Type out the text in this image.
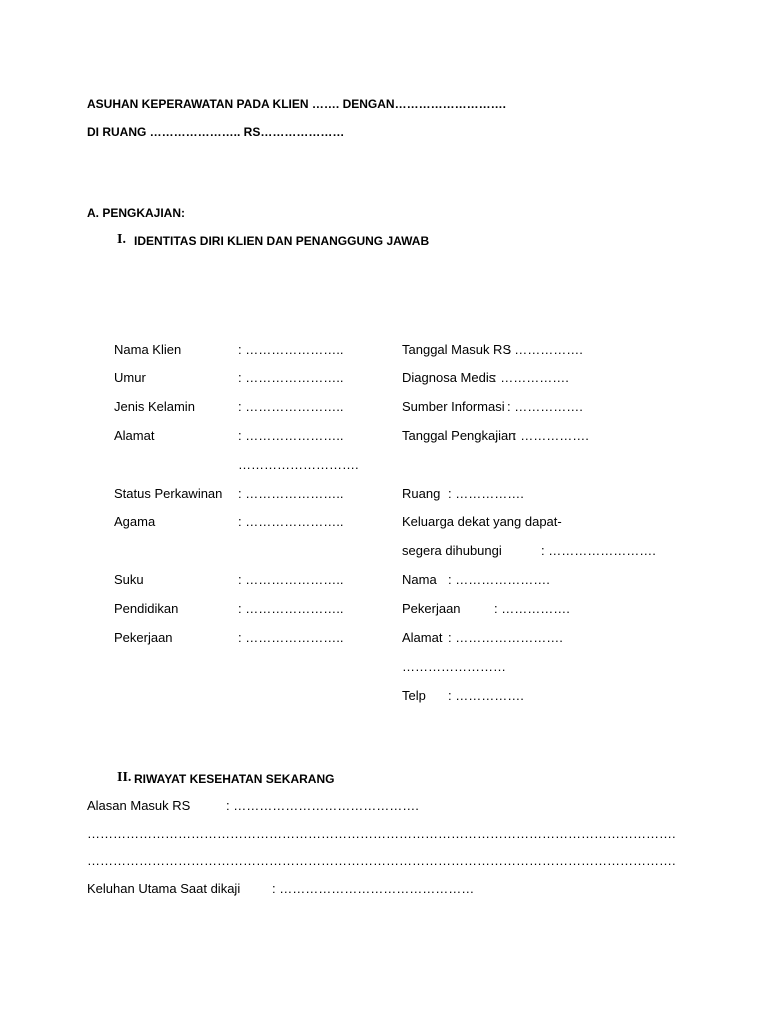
ASUHAN KEPERAWATAN PADA KLIEN ……. DENGAN……………………….
DI RUANG ………………….. RS…………………
A. PENGKAJIAN:
I. IDENTITAS DIRI KLIEN DAN PENANGGUNG JAWAB
Nama Klien	: …………………..
Umur	: …………………..
Jenis Kelamin	: …………………..
Alamat	: …………………..
……………………….
Status Perkawinan : …………………..
Agama	: …………………..
Suku	: …………………..
Pendidikan	: …………………..
Pekerjaan	: …………………..
Tanggal Masuk RS
: …………….
Diagnosa Medis
: …………….
Sumber Informasi : …………….
Tanggal Pengkajian
: …………….
Ruang : …………….
Keluarga dekat yang dapat-
segera dihubungi	: …………………….
Nama : ………………….
Pekerjaan	: …………….
Alamat : …………………….
……………………
Telp : …………….
II. RIWAYAT KESEHATAN SEKARANG
Alasan Masuk RS	: …………………………………….
……………………………………………………………………………………………………………………….
……………………………………………………………………………………………………………………….
Keluhan Utama Saat dikaji : ………………………………………
